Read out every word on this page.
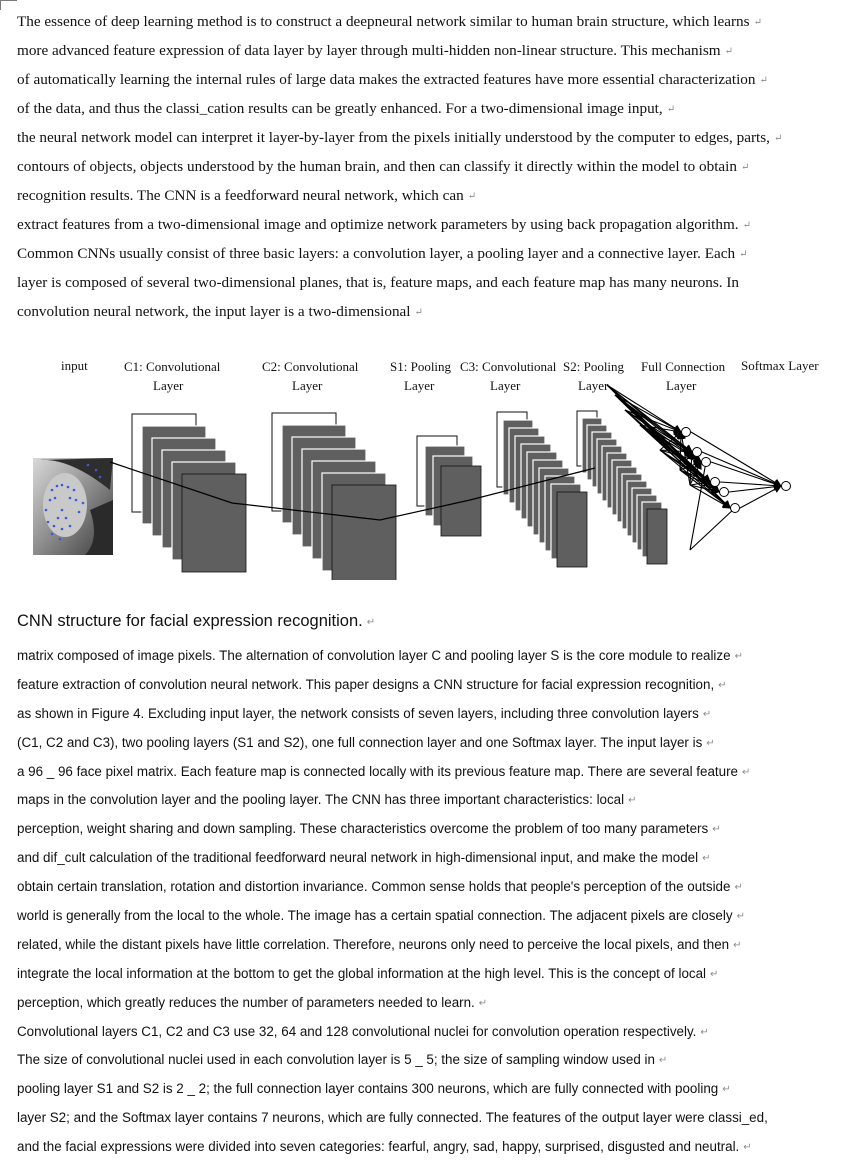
The essence of deep learning method is to construct a deepneural network similar to human brain structure, which learns ↵
more advanced feature expression of data layer by layer through multi-hidden non-linear structure. This mechanism ↵
of automatically learning the internal rules of large data makes the extracted features have more essential characterization ↵
of the data, and thus the classi_cation results can be greatly enhanced. For a two-dimensional image input, ↵
the neural network model can interpret it layer-by-layer from the pixels initially understood by the computer to edges, parts, ↵
contours of objects, objects understood by the human brain, and then can classify it directly within the model to obtain ↵
recognition results. The CNN is a feedforward neural network, which can ↵
extract features from a two-dimensional image and optimize network parameters by using back propagation algorithm. ↵
Common CNNs usually consist of three basic layers: a convolution layer, a pooling layer and a connective layer. Each ↵
layer is composed of several two-dimensional planes, that is, feature maps, and each feature map has many neurons. In
convolution neural network, the input layer is a two-dimensional ↵
input	C1: Convolutional
Layer
C2: Convolutional
Layer
S1: Pooling
Layer
C3: Convolutional
Layer
S2: Pooling
Layer
Full Connection
Layer
Softmax Layer
CNN structure for facial expression recognition. ↵
matrix composed of image pixels. The alternation of convolution layer C and pooling layer S is the core module to realize ↵
feature extraction of convolution neural network. This paper designs a CNN structure for facial expression recognition, ↵
as shown in Figure 4. Excluding input layer, the network consists of seven layers, including three convolution layers ↵
(C1, C2 and C3), two pooling layers (S1 and S2), one full connection layer and one Softmax layer. The input layer is ↵
a 96 _ 96 face pixel matrix. Each feature map is connected locally with its previous feature map. There are several feature ↵
maps in the convolution layer and the pooling layer. The CNN has three important characteristics: local ↵
perception, weight sharing and down sampling. These characteristics overcome the problem of too many parameters ↵
and dif_cult calculation of the traditional feedforward neural network in high-dimensional input, and make the model ↵
obtain certain translation, rotation and distortion invariance. Common sense holds that people's perception of the outside ↵
world is generally from the local to the whole. The image has a certain spatial connection. The adjacent pixels are closely ↵
related, while the distant pixels have little correlation. Therefore, neurons only need to perceive the local pixels, and then ↵
integrate the local information at the bottom to get the global information at the high level. This is the concept of local ↵
perception, which greatly reduces the number of parameters needed to learn. ↵
Convolutional layers C1, C2 and C3 use 32, 64 and 128 convolutional nuclei for convolution operation respectively. ↵
The size of convolutional nuclei used in each convolution layer is 5 _ 5; the size of sampling window used in ↵
pooling layer S1 and S2 is 2 _ 2; the full connection layer contains 300 neurons, which are fully connected with pooling ↵
layer S2; and the Softmax layer contains 7 neurons, which are fully connected. The features of the output layer were classi_ed,
and the facial expressions were divided into seven categories: fearful, angry, sad, happy, surprised, disgusted and neutral. ↵
